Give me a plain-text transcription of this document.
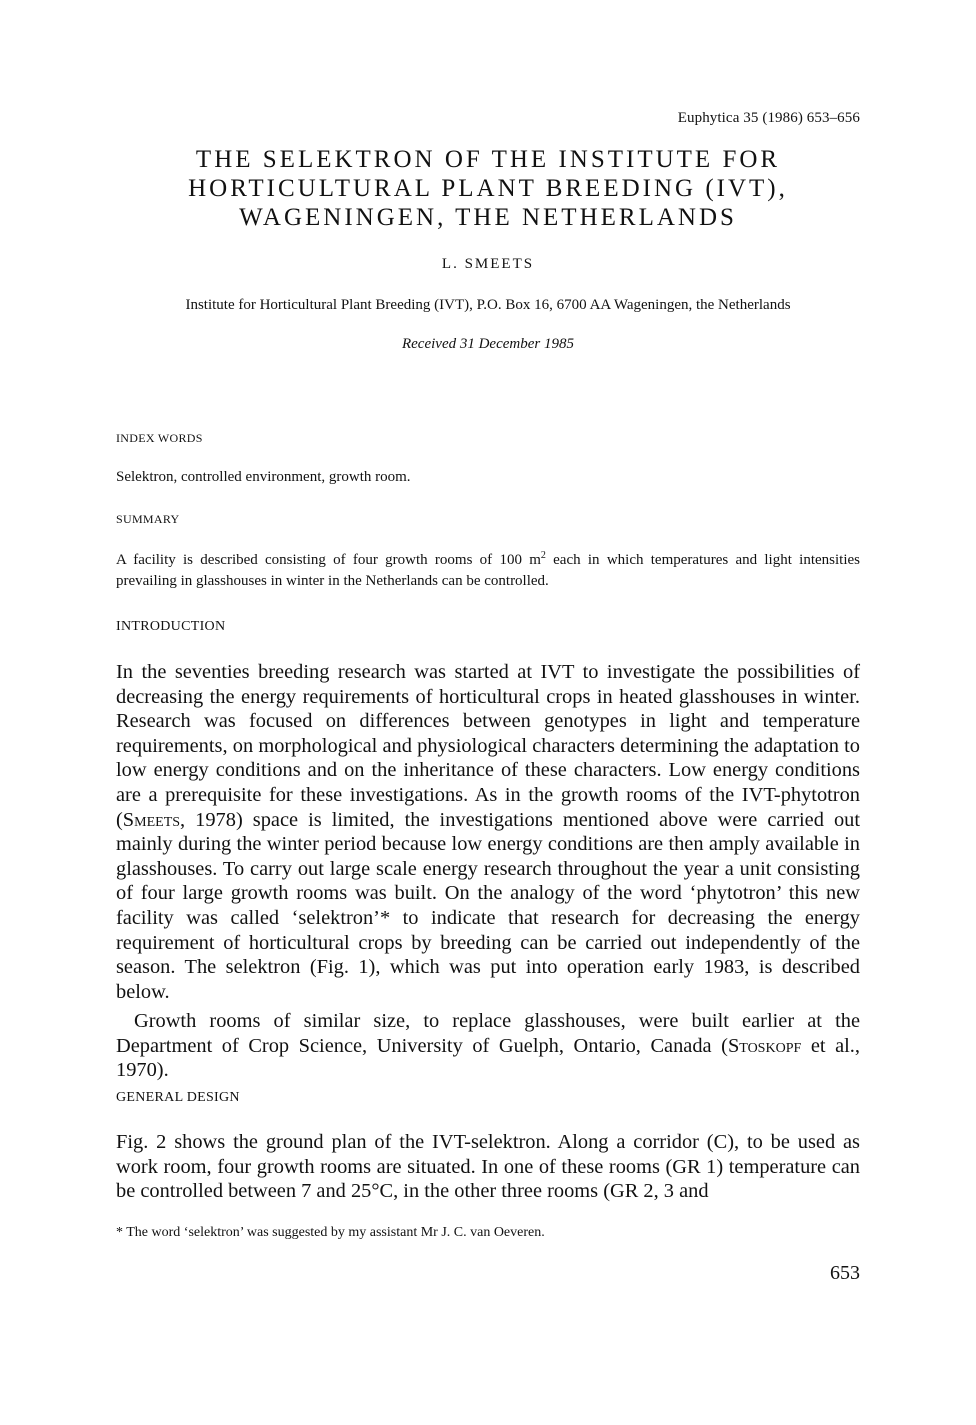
Euphytica 35 (1986) 653–656
THE SELEKTRON OF THE INSTITUTE FOR
HORTICULTURAL PLANT BREEDING (IVT),
WAGENINGEN, THE NETHERLANDS
L. SMEETS
Institute for Horticultural Plant Breeding (IVT), P.O. Box 16, 6700 AA Wageningen, the Netherlands
Received 31 December 1985
INDEX WORDS

Selektron, controlled environment, growth room.

SUMMARY

A facility is described consisting of four growth rooms of 100 $m^2$ each in which temperatures and light intensities prevailing in glasshouses in winter in the Netherlands can be controlled.

INTRODUCTION

In the seventies breeding research was started at IVT to investigate the possibilities of decreasing the energy requirements of horticultural crops in heated glasshouses in winter. Research was focused on differences between genotypes in light and temperature requirements, on morphological and physiological characters determining the adaptation to low energy conditions and on the inheritance of these characters. Low energy conditions are a prerequisite for these investigations. As in the growth rooms of the IVT-phytotron (Smeets, 1978) space is limited, the investigations mentioned above were carried out mainly during the winter period because low energy conditions are then amply available in glasshouses. To carry out large scale energy research throughout the year a unit consisting of four large growth rooms was built. On the analogy of the word ‘phytotron’ this new facility was called ‘selektron’* to indicate that research for decreasing the energy requirement of horticultural crops by breeding can be carried out independently of the season. The selektron (Fig. 1), which was put into operation early 1983, is described below.

Growth rooms of similar size, to replace glasshouses, were built earlier at the Department of Crop Science, University of Guelph, Ontario, Canada (Stoskopf et al., 1970).

GENERAL DESIGN

Fig. 2 shows the ground plan of the IVT-selektron. Along a corridor (C), to be used as work room, four growth rooms are situated. In one of these rooms (GR 1) temperature can be controlled between 7 and 25°C, in the other three rooms (GR 2, 3 and

* The word ‘selektron’ was suggested by my assistant Mr J. C. van Oeveren.

653
